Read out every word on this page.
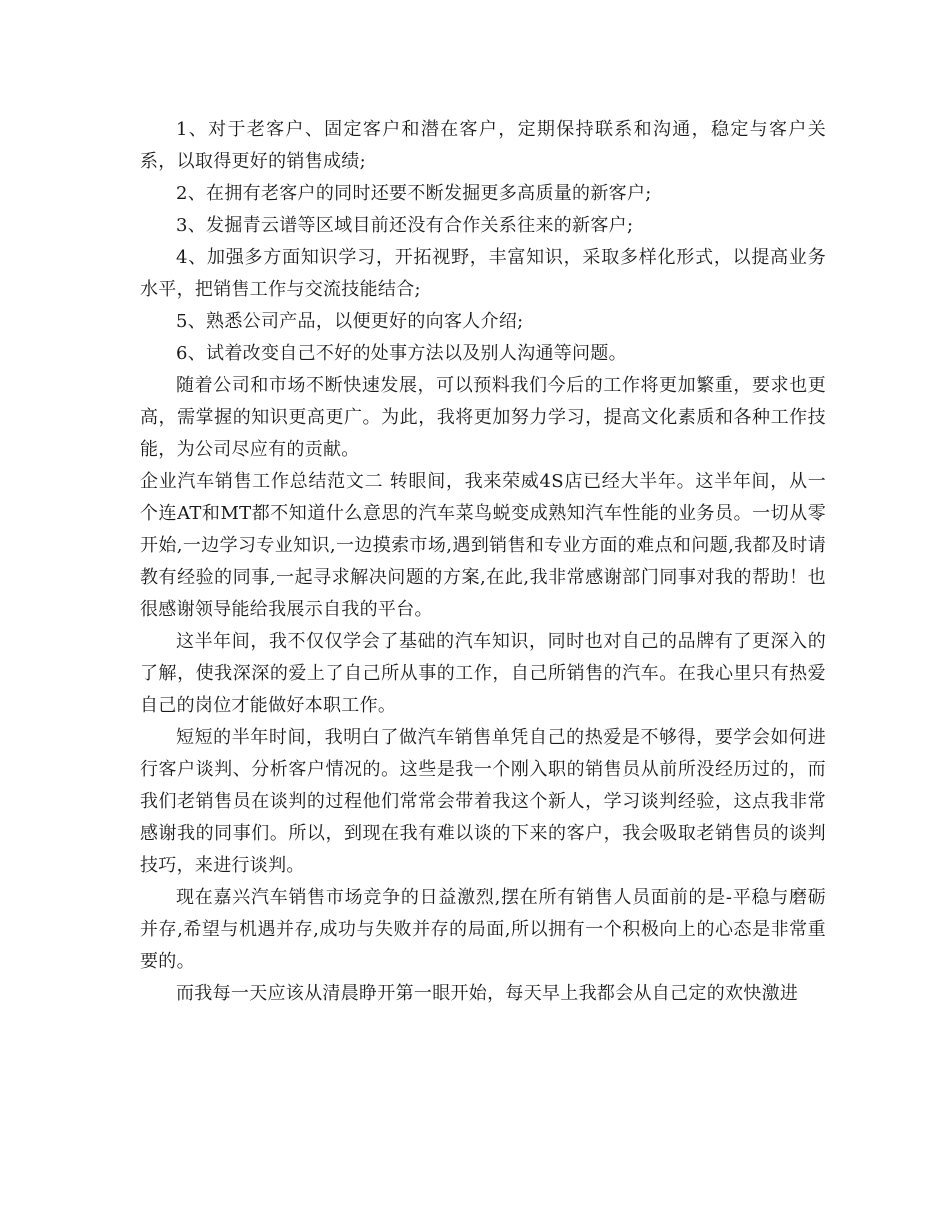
1、对于老客户、固定客户和潜在客户，定期保持联系和沟通，稳定与客户关系，以取得更好的销售成绩;

2、在拥有老客户的同时还要不断发掘更多高质量的新客户;

3、发掘青云谱等区域目前还没有合作关系往来的新客户;

4、加强多方面知识学习，开拓视野，丰富知识，采取多样化形式，以提高业务水平，把销售工作与交流技能结合;

5、熟悉公司产品，以便更好的向客人介绍;

6、试着改变自己不好的处事方法以及别人沟通等问题。

随着公司和市场不断快速发展，可以预料我们今后的工作将更加繁重，要求也更高，需掌握的知识更高更广。为此，我将更加努力学习，提高文化素质和各种工作技能，为公司尽应有的贡献。

企业汽车销售工作总结范文二 转眼间，我来荣威4S店已经大半年。这半年间，从一个连AT和MT都不知道什么意思的汽车菜鸟蜕变成熟知汽车性能的业务员。一切从零开始,一边学习专业知识,一边摸索市场,遇到销售和专业方面的难点和问题,我都及时请教有经验的同事,一起寻求解决问题的方案,在此,我非常感谢部门同事对我的帮助！也很感谢领导能给我展示自我的平台。

这半年间，我不仅仅学会了基础的汽车知识，同时也对自己的品牌有了更深入的了解，使我深深的爱上了自己所从事的工作，自己所销售的汽车。在我心里只有热爱自己的岗位才能做好本职工作。

短短的半年时间，我明白了做汽车销售单凭自己的热爱是不够得，要学会如何进行客户谈判、分析客户情况的。这些是我一个刚入职的销售员从前所没经历过的，而我们老销售员在谈判的过程他们常常会带着我这个新人，学习谈判经验，这点我非常感谢我的同事们。所以，到现在我有难以谈的下来的客户，我会吸取老销售员的谈判技巧，来进行谈判。

现在嘉兴汽车销售市场竞争的日益激烈,摆在所有销售人员面前的是-平稳与磨砺并存,希望与机遇并存,成功与失败并存的局面,所以拥有一个积极向上的心态是非常重要的。

而我每一天应该从清晨睁开第一眼开始，每天早上我都会从自己定的欢快激进
